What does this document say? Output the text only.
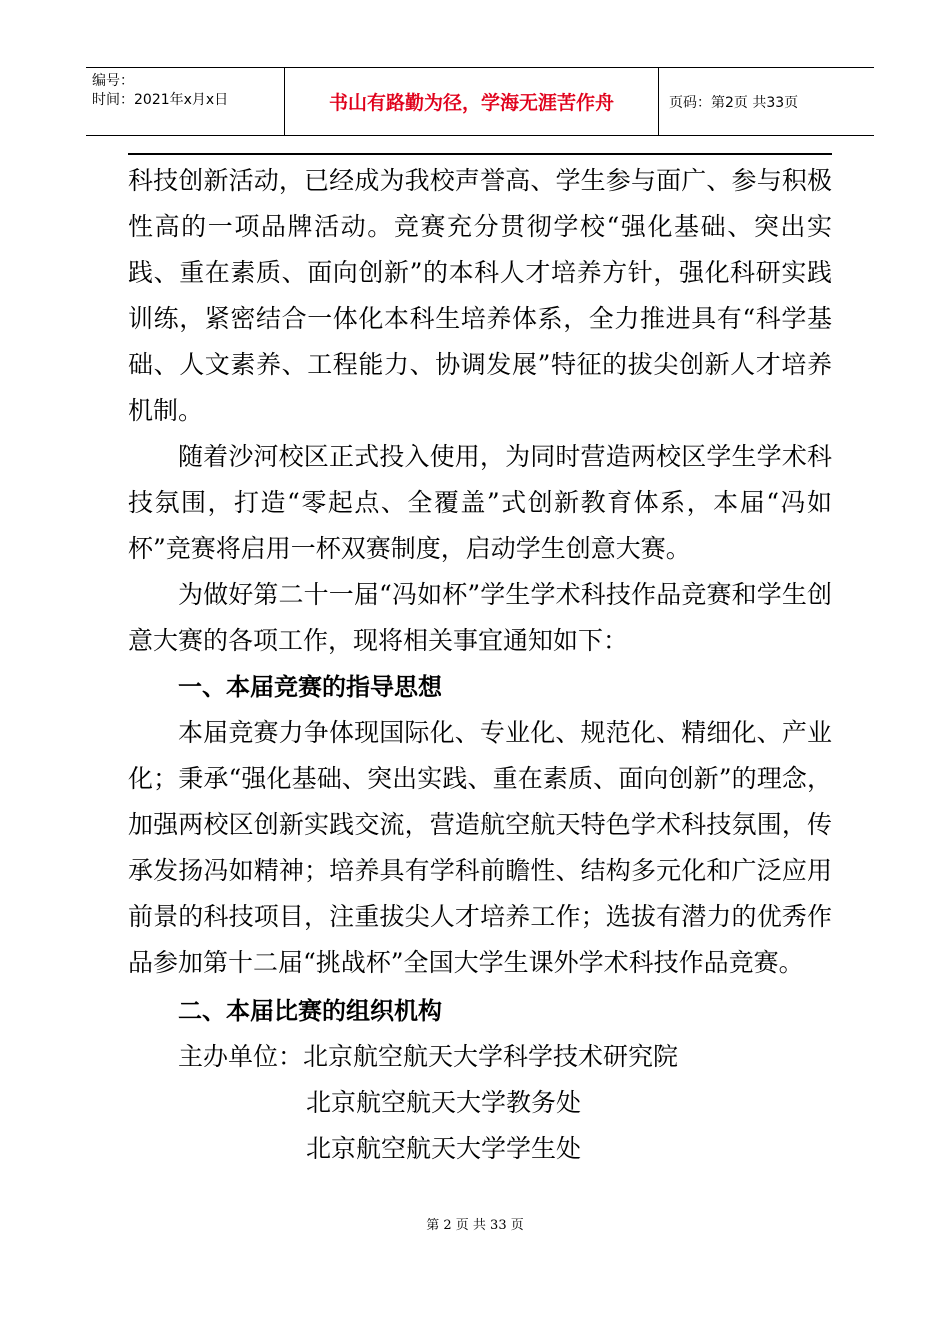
编号：
时间：2021年x月x日	书山有路勤为径，学海无涯苦作舟	页码：第2页 共33页

科技创新活动，已经成为我校声誉高、学生参与面广、参与积极性高的一项品牌活动。竞赛充分贯彻学校“强化基础、突出实践、重在素质、面向创新”的本科人才培养方针，强化科研实践训练，紧密结合一体化本科生培养体系，全力推进具有“科学基础、人文素养、工程能力、协调发展”特征的拔尖创新人才培养机制。

随着沙河校区正式投入使用，为同时营造两校区学生学术科技氛围，打造“零起点、全覆盖”式创新教育体系，本届“冯如杯”竞赛将启用一杯双赛制度，启动学生创意大赛。

为做好第二十一届“冯如杯”学生学术科技作品竞赛和学生创意大赛的各项工作，现将相关事宜通知如下：

一、本届竞赛的指导思想

本届竞赛力争体现国际化、专业化、规范化、精细化、产业化；秉承“强化基础、突出实践、重在素质、面向创新”的理念，加强两校区创新实践交流，营造航空航天特色学术科技氛围，传承发扬冯如精神；培养具有学科前瞻性、结构多元化和广泛应用前景的科技项目，注重拔尖人才培养工作；选拔有潜力的优秀作品参加第十二届“挑战杯”全国大学生课外学术科技作品竞赛。

二、本届比赛的组织机构

主办单位：北京航空航天大学科学技术研究院

北京航空航天大学教务处

北京航空航天大学学生处

第 2 页 共 33 页
